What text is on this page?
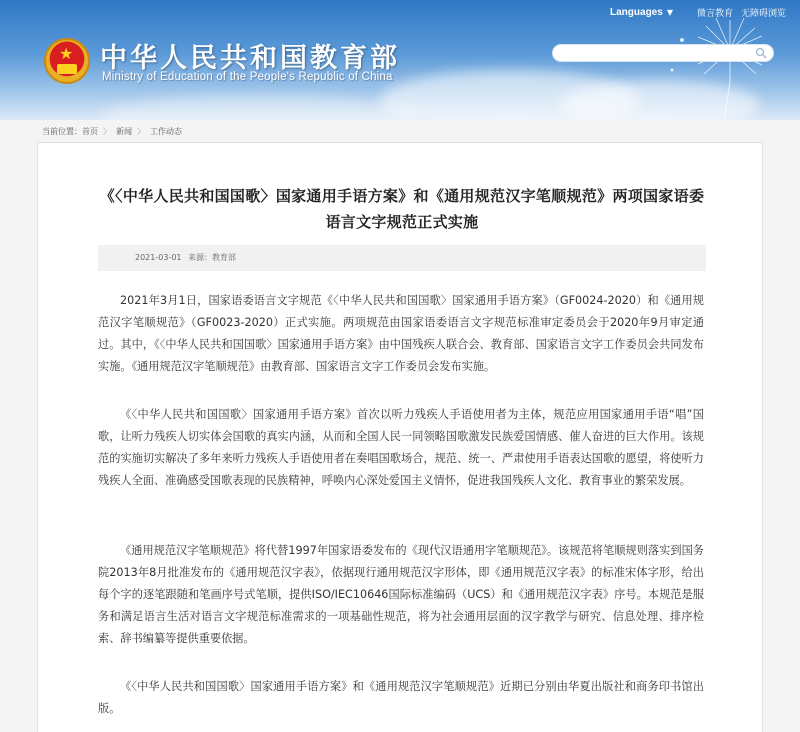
★ 中华人民共和国教育部
Ministry of Education of the People's Republic of China
Languages ▼	微言教育 无障碍浏览
当前位置： 首页 〉 新闻 〉 工作动态
《〈中华人民共和国国歌〉国家通用手语方案》和《通用规范汉字笔顺规范》两项国家语委语言文字规范正式实施
2021-03-01 来源：教育部

2021年3月1日，国家语委语言文字规范《〈中华人民共和国国歌〉国家通用手语方案》（GF0024-2020）和《通用规范汉字笔顺规范》（GF0023-2020）正式实施。两项规范由国家语委语言文字规范标准审定委员会于2020年9月审定通过。其中，《〈中华人民共和国国歌〉国家通用手语方案》由中国残疾人联合会、教育部、国家语言文字工作委员会共同发布实施。《通用规范汉字笔顺规范》由教育部、国家语言文字工作委员会发布实施。

《〈中华人民共和国国歌〉国家通用手语方案》首次以听力残疾人手语使用者为主体，规范应用国家通用手语“唱”国歌，让听力残疾人切实体会国歌的真实内涵，从而和全国人民一同领略国歌激发民族爱国情感、催人奋进的巨大作用。该规范的实施切实解决了多年来听力残疾人手语使用者在奏唱国歌场合，规范、统一、严肃使用手语表达国歌的愿望，将使听力残疾人全面、准确感受国歌表现的民族精神，呼唤内心深处爱国主义情怀，促进我国残疾人文化、教育事业的繁荣发展。

《通用规范汉字笔顺规范》将代替1997年国家语委发布的《现代汉语通用字笔顺规范》。该规范将笔顺规则落实到国务院2013年8月批准发布的《通用规范汉字表》，依据现行通用规范汉字形体，即《通用规范汉字表》的标准宋体字形，给出每个字的逐笔跟随和笔画序号式笔顺，提供ISO/IEC10646国际标准编码（UCS）和《通用规范汉字表》序号。本规范是服务和满足语言生活对语言文字规范标准需求的一项基础性规范，将为社会通用层面的汉字教学与研究、信息处理、排序检索、辞书编纂等提供重要依据。

《〈中华人民共和国国歌〉国家通用手语方案》和《通用规范汉字笔顺规范》近期已分别由华夏出版社和商务印书馆出版。
